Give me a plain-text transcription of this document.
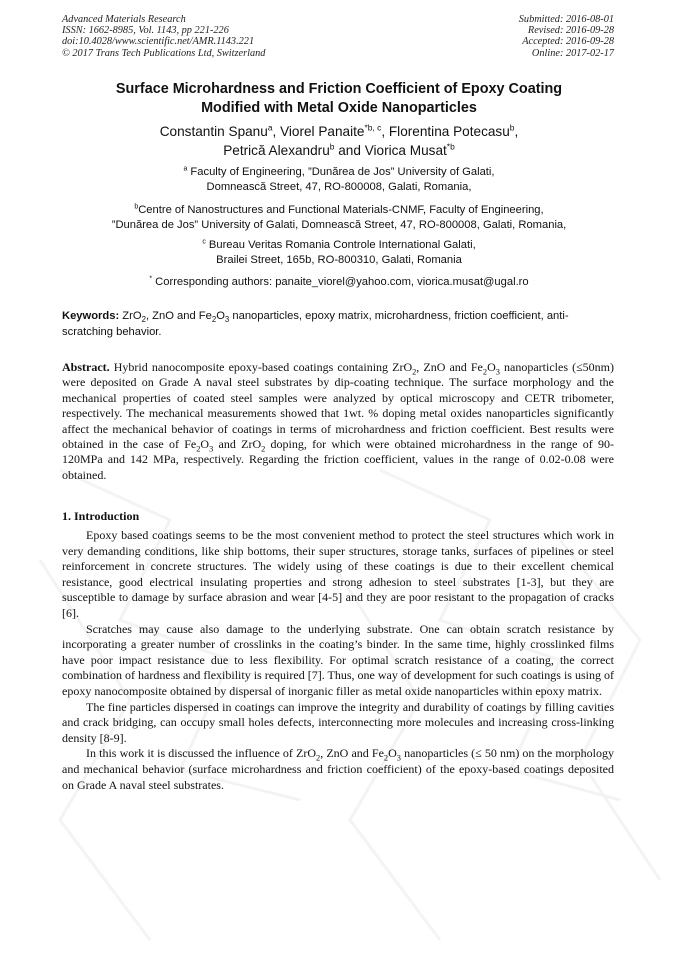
Advanced Materials Research
ISSN: 1662-8985, Vol. 1143, pp 221-226
doi:10.4028/www.scientific.net/AMR.1143.221
© 2017 Trans Tech Publications Ltd, Switzerland
Submitted: 2016-08-01
Revised: 2016-09-28
Accepted: 2016-09-28
Online: 2017-02-17
Surface Microhardness and Friction Coefficient of Epoxy Coating
Modified with Metal Oxide Nanoparticles
Constantin Spanu$^a$, Viorel Panaite$^{*b, c}$, Florentina Potecasu$^b$,
Petrică Alexandru$^b$ and Viorica Musat$^{*b}$
$^a$ Faculty of Engineering, ”Dunărea de Jos” University of Galati,
Domnească Street, 47, RO-800008, Galati, Romania,
$^b$Centre of Nanostructures and Functional Materials-CNMF, Faculty of Engineering,
”Dunărea de Jos” University of Galati, Domnească Street, 47, RO-800008, Galati, Romania,
$^c$ Bureau Veritas Romania Controle International Galati,
Brailei Street, 165b, RO-800310, Galati, Romania
* Corresponding authors: panaite_viorel@yahoo.com, viorica.musat@ugal.ro
Keywords: ZrO$_2$, ZnO and $Fe_2O_3$ nanoparticles, epoxy matrix, microhardness, friction coefficient, anti-scratching behavior.
Abstract. Hybrid nanocomposite epoxy-based coatings containing ZrO$_2$, ZnO and $Fe_2O_3$ nanoparticles (≤50nm) were deposited on Grade A naval steel substrates by dip-coating technique. The surface morphology and the mechanical properties of coated steel samples were analyzed by optical microscopy and CETR tribometer, respectively. The mechanical measurements showed that 1wt. % doping metal oxides nanoparticles significantly affect the mechanical behavior of coatings in terms of microhardness and friction coefficient. Best results were obtained in the case of $Fe_2O_3$ and ZrO$_2$ doping, for which were obtained microhardness in the range of 90-120MPa and 142 MPa, respectively. Regarding the friction coefficient, values in the range of 0.02-0.08 were obtained.
1. Introduction

Epoxy based coatings seems to be the most convenient method to protect the steel structures which work in very demanding conditions, like ship bottoms, their super structures, storage tanks, surfaces of pipelines or steel reinforcement in concrete structures. The widely using of these coatings is due to their excellent chemical resistance, good electrical insulating properties and strong adhesion to steel substrates [1-3], but they are susceptible to damage by surface abrasion and wear [4-5] and they are poor resistant to the propagation of cracks [6].

Scratches may cause also damage to the underlying substrate. One can obtain scratch resistance by incorporating a greater number of crosslinks in the coating’s binder. In the same time, highly crosslinked films have poor impact resistance due to less flexibility. For optimal scratch resistance of a coating, the correct combination of hardness and flexibility is required [7]. Thus, one way of development for such coatings is using of epoxy nanocomposite obtained by dispersal of inorganic filler as metal oxide nanoparticles within epoxy matrix.

The fine particles dispersed in coatings can improve the integrity and durability of coatings by filling cavities and crack bridging, can occupy small holes defects, interconnecting more molecules and increasing cross-linking density [8-9].

In this work it is discussed the influence of ZrO$_2$, ZnO and $Fe_2O_3$ nanoparticles (≤ 50 nm) on the morphology and mechanical behavior (surface microhardness and friction coefficient) of the epoxy-based coatings deposited on Grade A naval steel substrates.
